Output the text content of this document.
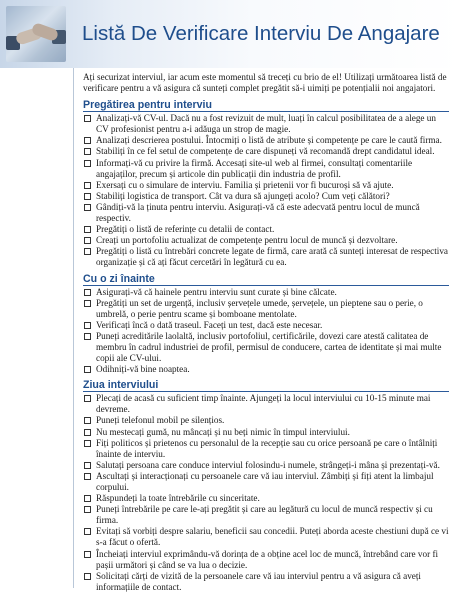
Listă De Verificare Interviu De Angajare

Ați securizat interviul, iar acum este momentul să treceți cu brio de el! Utilizați următoarea listă de verificare pentru a vă asigura că sunteți complet pregătit să-i uimiți pe potențialii noi angajatori.

Pregătirea pentru interviu
Analizați-vă CV-ul. Dacă nu a fost revizuit de mult, luați în calcul posibilitatea de a alege un CV profesionist pentru a-i adăuga un strop de magie.
Analizați descrierea postului. Întocmiți o listă de atribute și competențe pe care le caută firma.
Stabiliți în ce fel setul de competențe de care dispuneți vă recomandă drept candidatul ideal.
Informați-vă cu privire la firmă. Accesați site-ul web al firmei, consultați comentariile angajaților, precum și articole din publicații din industria de profil.
Exersați cu o simulare de interviu. Familia și prietenii vor fi bucuroși să vă ajute.
Stabiliți logistica de transport. Cât va dura să ajungeți acolo? Cum veți călători?
Gândiți-vă la ținuta pentru interviu. Asigurați-vă că este adecvată pentru locul de muncă respectiv.
Pregătiți o listă de referințe cu detalii de contact.
Creați un portofoliu actualizat de competențe pentru locul de muncă și dezvoltare.
Pregătiți o listă cu întrebări concrete legate de firmă, care arată că sunteți interesat de respectiva organizație și că ați făcut cercetări în legătură cu ea.
Cu o zi înainte
Asigurați-vă că hainele pentru interviu sunt curate și bine călcate.
Pregătiți un set de urgență, inclusiv șervețele umede, șervețele, un pieptene sau o perie, o umbrelă, o perie pentru scame și bomboane mentolate.
Verificați încă o dată traseul. Faceți un test, dacă este necesar.
Puneți acreditările laolaltă, inclusiv portofoliul, certificările, dovezi care atestă calitatea de membru în cadrul industriei de profil, permisul de conducere, cartea de identitate și mai multe copii ale CV-ului.
Odihniți-vă bine noaptea.
Ziua interviului
Plecați de acasă cu suficient timp înainte. Ajungeți la locul interviului cu 10-15 minute mai devreme.
Puneți telefonul mobil pe silențios.
Nu mestecați gumă, nu mâncați și nu beți nimic în timpul interviului.
Fiți politicos și prietenos cu personalul de la recepție sau cu orice persoană pe care o întâlniți înainte de interviu.
Salutați persoana care conduce interviul folosindu-i numele, strângeți-i mâna și prezentați-vă.
Ascultați și interacționați cu persoanele care vă iau interviul. Zâmbiți și fiți atent la limbajul corpului.
Răspundeți la toate întrebările cu sinceritate.
Puneți întrebările pe care le-ați pregătit și care au legătură cu locul de muncă respectiv și cu firma.
Evitați să vorbiți despre salariu, beneficii sau concedii. Puteți aborda aceste chestiuni după ce vi s-a făcut o ofertă.
Încheiați interviul exprimându-vă dorința de a obține acel loc de muncă, întrebând care vor fi pașii următori și când se va lua o decizie.
Solicitați cărți de vizită de la persoanele care vă iau interviul pentru a vă asigura că aveți informațiile de contact.
